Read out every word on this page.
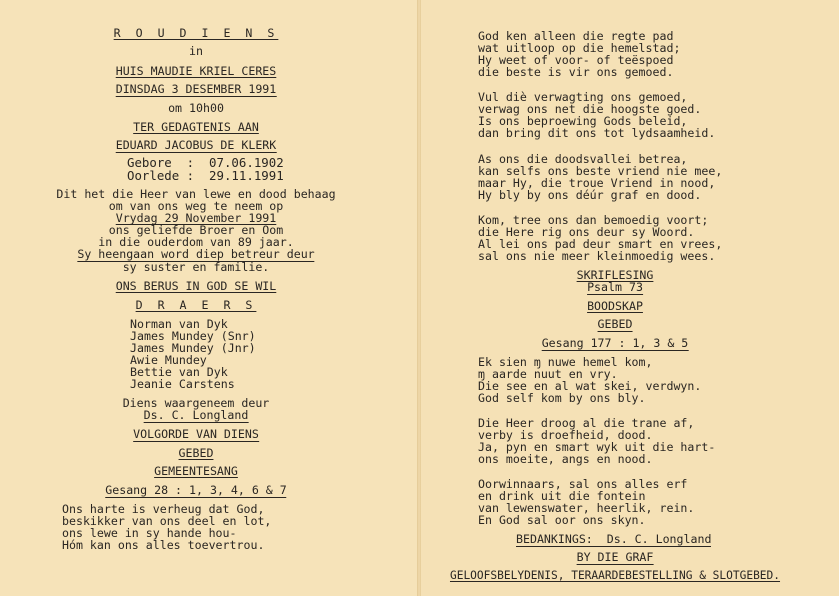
R O U D I E N S
in
HUIS MAUDIE KRIEL CERES
DINSDAG 3 DESEMBER 1991
om 10h00
TER GEDAGTENIS AAN
EDUARD JACOBUS DE KLERK
Gebore  :  07.06.1902
Oorlede :  29.11.1991
Dit het die Heer van lewe en dood behaag
om van ons weg te neem op
Vrydag 29 November 1991
ons geliefde Broer en Oom
in die ouderdom van 89 jaar.
Sy heengaan word diep betreur deur
sy suster en familie.
ONS BERUS IN GOD SE WIL
D R A E R S
Norman van Dyk
James Mundey (Snr)
James Mundey (Jnr)
Awie Mundey
Bettie van Dyk
Jeanie Carstens
Diens waargeneem deur
Ds. C. Longland
VOLGORDE VAN DIENS
GEBED
GEMEENTESANG
Gesang 28 : 1, 3, 4, 6 & 7
Ons harte is verheug dat God,
beskikker van ons deel en lot,
ons lewe in sy hande hou-
Hóm kan ons alles toevertrou.
God ken alleen die regte pad
wat uitloop op die hemelstad;
Hy weet of voor- of teëspoed
die beste is vir ons gemoed.
Vul diè verwagting ons gemoed,
verwag ons net die hoogste goed.
Is ons beproewing Gods beleid,
dan bring dit ons tot lydsaamheid.
As ons die doodsvallei betrea,
kan selfs ons beste vriend nie mee,
maar Hy, die troue Vriend in nood,
Hy bly by ons déúr graf en dood.
Kom, tree ons dan bemoedig voort;
die Here rig ons deur sy Woord.
Al lei ons pad deur smart en vrees,
sal ons nie meer kleinmoedig wees.
SKRIFLESING
Psalm 73
BOODSKAP
GEBED
Gesang 177 : 1, 3 & 5
Ek sien ɱ nuwe hemel kom,
ɱ aarde nuut en vry.
Die see en al wat skei, verdwyn.
God self kom by ons bly.
Die Heer droog al die trane af,
verby is droefheid, dood.
Ja, pyn en smart wyk uit die hart-
ons moeite, angs en nood.
Oorwinnaars, sal ons alles erf
en drink uit die fontein
van lewenswater, heerlik, rein.
En God sal oor ons skyn.
BEDANKINGS:  Ds. C. Longland
BY DIE GRAF
GELOOFSBELYDENIS, TERAARDEBESTELLING & SLOTGEBED.
